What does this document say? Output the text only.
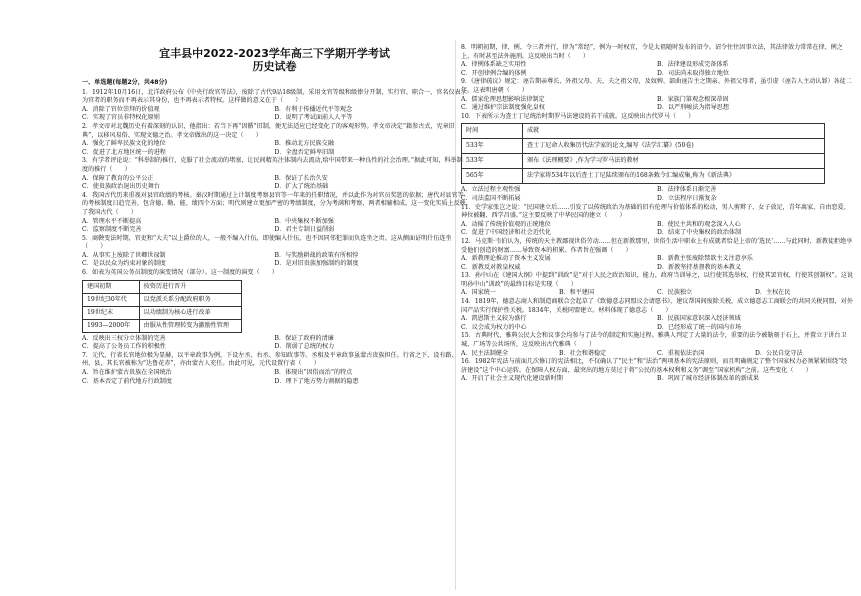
宜丰县中2022-2023学年高三下学期开学考试
历史试卷
一、单选题(每题2分，共48分)

1．1912年10月16日，北洋政府公布《中央行政官等法》，废除了古代9品18级制，采用文官等级和级俸分开制，实行官、职合一，官名仅表示为官者的职务而不再表示其身份，也不再表示者特权。这样做的意义在于（　　）

A．消除了官位崇拜的价值观	B．有利于传播近代平等观念
C．实现了官员非特权化原则	D．说明了考试面前人人平等

2．孝文帝对北魏历史有着深刻的认识，他指出：若当下再“因循”旧制，便无法适应已经变化了的客观形势。孝文帝决定“籍参古式，宪章旧典”，以移风易俗、实现文德之治。孝文帝做出的这一决定（　　）

A．强化了鲜卑民族文化的地位	B．推动北方民族交融
C．促进了北方地区统一的进程	D．全盘否定鲜卑旧制

3．有学者评论说：“科举制的推行，克服了社会流动的堵塞，让民间精英注体制内去流动,给中国带来一种良性的社会治理。”据此可知，科举制度的推行（　　）

A．保障了教育的公平公正	B．保证了长治久安
C．使贵族政治退出历史舞台	D．扩大了统治基础

4．我国古代历来重视对县官政绩的考核。秦汉时期通过上计制度考察县官等一年来的任职情况，并以此作为对官员奖惩的依据；唐代对县官等的考核制度日趋完善，包含德、勤、能、绩四个方面；明代则建立更加严密的考绩制度，分为考满和考察，两者相辅相成。这一变化实质上反映了我国古代（　　）

A．管理水平不断提高	B．中央集权不断加强
C．监察制度不断完善	D．君主专制日益削弱

5．商鞅变法时期，官吏和“大夫”以上爵位的人，一般不编入什伍，即使编入什伍，也不因同邻犯罪而负连坐之责。这从侧面证明什伍连坐（　　）

A．从事实上废除了世卿世禄制	B．与奖励耕战的政策有所相悖
C．是以民众为约束对象的制度	D．是对旧贵族加强制约的制度

6．如表为英国公务员制度的演变情况（部分）。这一制度的演变（　　）

建国初期	按资历进行晋升
19世纪30年代	以党派关系分配政府职务
19世纪末	以功绩制为核心进行改革
1993—2000年	由服从性管理转变为激励性管理
A．反映出三权分立体制的完善	B．保证了政府的清廉
C．提高了公务员工作的积极性	D．削弱了总统的权力

7．元代，行省长官地位极为显赫，以平章政事为例，下设左丞、右丞、参知政事等。丞相及平章政事虽蒙古贵族担任。行省之下，设有路、州、县，其长官被称为“达鲁花赤”，亦由蒙古人充任。由此可见，元代设置行省（　　）

A．旨在维护蒙古贵族在全国统治	B．体现出“因俗而治”的特点
C．基本否定了前代地方行政制度	D．理下了地方势力割据的隐患

8．明朝初期，律、例、令三者并行，律为“常经”，例为一时权宜，令是太祖随时发布的诏令。诏令往往因事立法，其法律效力常常在律、例之上，有时甚至法外施刑。这反映出当时（　　）

A．律例体系缺乏实用性	B．法律建设形成完备体系
C．开创律例合编的体例	D．司法尚未取得独立地位

9．《唐律疏议》规定：诬告期亲尊长、外祖父母、夫、夫之祖父母，及奴婢、部曲诬告主之期亲、外祖父母者，虽引虚（诬告人主动认罪）各徒二年。这表明唐朝（　　）

A．儒家伦理思想影响法律制定	B．家族门第观念根深蒂固
C．通过维护宗法制度强化皇权	D．以严刑峻法为指导思想

10．下表所示为查士丁尼统治时期罗马法建设的若干成就。这反映出古代罗马（　　）

时间	成就
533年	查士丁尼命人收集历代法学家的论文,编写《法学汇纂》(50卷)
533年	颁布《法理概要》,作为学习罗马法的教材
565年	法学家将534年以后查士丁尼陆续颁布的168条敕令汇编成集,称为《新法典》
A．立法过程主观性强	B．法律体系日渐完善
C．司法监国不断拓展	D．立法程序日渐复杂

11．史学家张岂之说：“民国建立后……引发了以传统政治为基础的旧有伦理与价值体系的松动，男人剪辫子、女子放足，青年离家、自由恋爱、神位被翻、西学昌盛。”这主要反映了中华民国的建立（　　）

A．动摇了传统价值观的正统地位	B．使民主共和的观念深入人心
C．促进了中国经济和社会近代化	D．结束了中央集权的政治体制

12．马克斯·韦伯认为，传统的天主教鄙视世俗劳动……但在新教那里，世俗生活中职业上有成就者恰是上帝的‘选民’……与此同时，新教徒拒绝享受他们创造的财富……导致资本的积累。作者旨在强调（　　）

A．新教理论推动了资本主义发展	B．新教主张废除禁欲主义注意享乐
C．新教反对教皇权威	D．新教坚持基督教的基本教义

13．孙中山在《建国大纲》中提到“训政”是“对于人民之政治知识、能力，政府当训导之，以行使其选举权，行使其罢官权，行使其创制权”。这说明孙中山“训政”的最终目标是实现（　　）

A．国家统一	B．和平建国	C．民族独立	D．主权在民

14．1819年，德意志商人和制造商联合会起草了《致德意志同盟议会请愿书》，建议帮国间废除关税，成立德意志工商联会的共同关税同盟，对外国产品实行保护性关税。1834年，关税同盟建立。材料体现了德意志（　　）

A．凯恩斯主义较为盛行	B．民族国家意识深入经济领域
C．议会成为权力的中心	D．已经形成了统一的国内市场

15．古典时代，雅典公民大会和议事会均参与了法令的制定和实施过程。雅典人判定了大量的法令，重要的法令被勒刻于石上，并置立于讲台卫城、广场等公共场所，这反映出古代雅典（　　）

A．民主法制健全	B．社会和谐稳定	C．重视依法治国	D．公民自觉守法

16．1982年宪法与前面几次修订的宪法相比，不仅确认了“民主”和“法治”两项基本的宪法原则，而且明确规定了整个国家权力必须紧紧围绕“经济建设”这个中心运转。在保障人权方面，最突出的地方莫过于将“公民的基本权利和义务”调至“国家机构”之前。这些变化（　　）

A．开启了社会主义现代化建设新时期	B．巩固了城市经济体制改革的新成果
